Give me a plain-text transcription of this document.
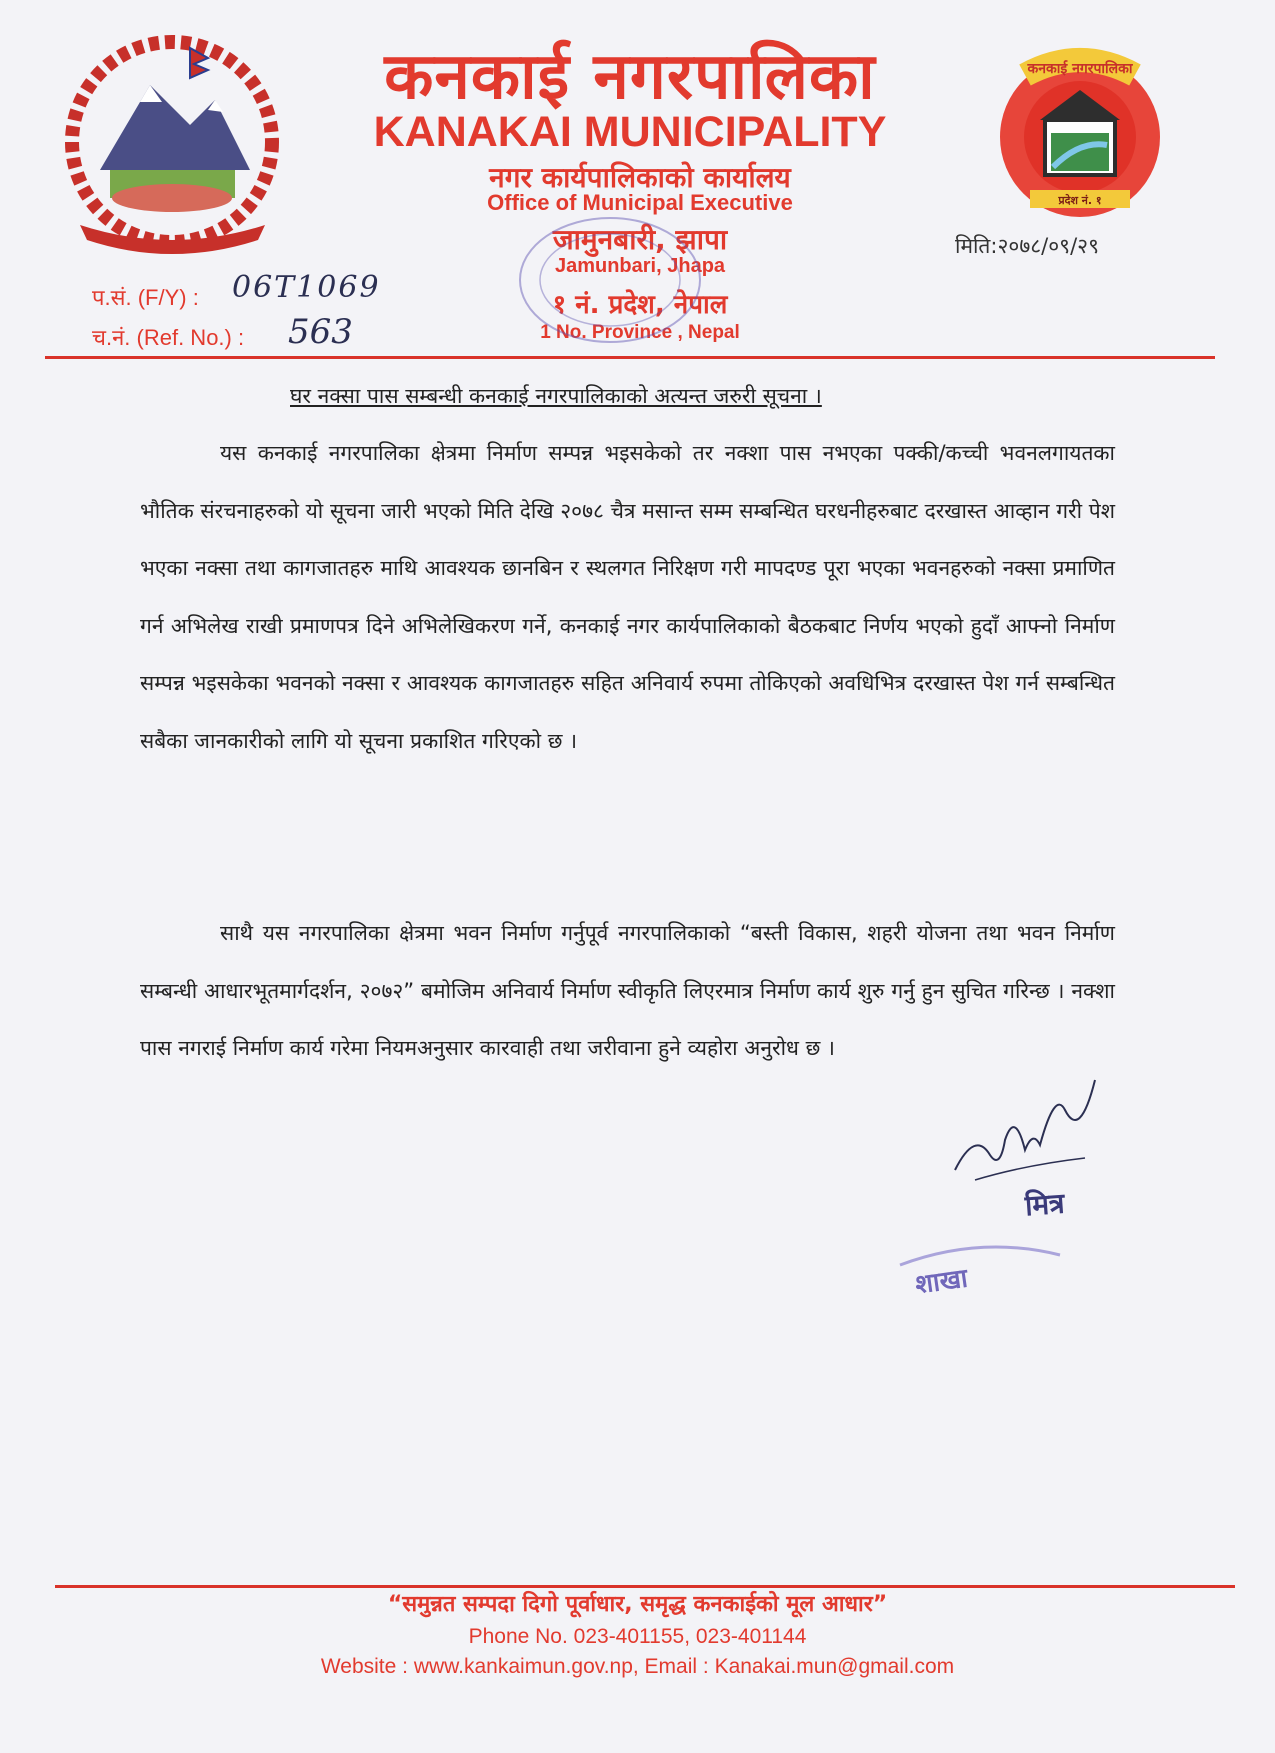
कनकाई नगरपालिका
KANAKAI MUNICIPALITY
नगर कार्यपालिकाको कार्यालय
Office of Municipal Executive
जामुनबारी, झापा
Jamunbari, Jhapa
१ नं. प्रदेश, नेपाल
1 No. Province , Nepal
कनकाई नगरपालिका
प्रदेश नं. १
मिति:२०७८/०९/२९
प.सं. (F/Y) : 06T1069
च.नं. (Ref. No.) : 563
घर नक्सा पास सम्बन्धी कनकाई नगरपालिकाको अत्यन्त जरुरी सूचना ।
यस कनकाई नगरपालिका क्षेत्रमा निर्माण सम्पन्न भइसकेको तर नक्शा पास नभएका पक्की/कच्ची भवनलगायतका भौतिक संरचनाहरुको यो सूचना जारी भएको मिति देखि २०७८ चैत्र मसान्त सम्म सम्बन्धित घरधनीहरुबाट दरखास्त आव्हान गरी पेश भएका नक्सा तथा कागजातहरु माथि आवश्यक छानबिन र स्थलगत निरिक्षण गरी मापदण्ड पूरा भएका भवनहरुको नक्सा प्रमाणित गर्न अभिलेख राखी प्रमाणपत्र दिने अभिलेखिकरण गर्ने, कनकाई नगर कार्यपालिकाको बैठकबाट निर्णय भएको हुदाँ आफ्नो निर्माण सम्पन्न भइसकेका भवनको नक्सा र आवश्यक कागजातहरु सहित अनिवार्य रुपमा तोकिएको अवधिभित्र दरखास्त पेश गर्न सम्बन्धित सबैका जानकारीको लागि यो सूचना प्रकाशित गरिएको छ ।
साथै यस नगरपालिका क्षेत्रमा भवन निर्माण गर्नुपूर्व नगरपालिकाको “बस्ती विकास, शहरी योजना तथा भवन निर्माण सम्बन्धी आधारभूतमार्गदर्शन, २०७२” बमोजिम अनिवार्य निर्माण स्वीकृति लिएरमात्र निर्माण कार्य शुरु गर्नु हुन सुचित गरिन्छ । नक्शा पास नगराई निर्माण कार्य गरेमा नियमअनुसार कारवाही तथा जरीवाना हुने व्यहोरा अनुरोध छ ।
मित्र
शाखा
“समुन्नत सम्पदा दिगो पूर्वाधार, समृद्ध कनकाईको मूल आधार”
Phone No. 023-401155, 023-401144
Website : www.kankaimun.gov.np, Email : Kanakai.mun@gmail.com
